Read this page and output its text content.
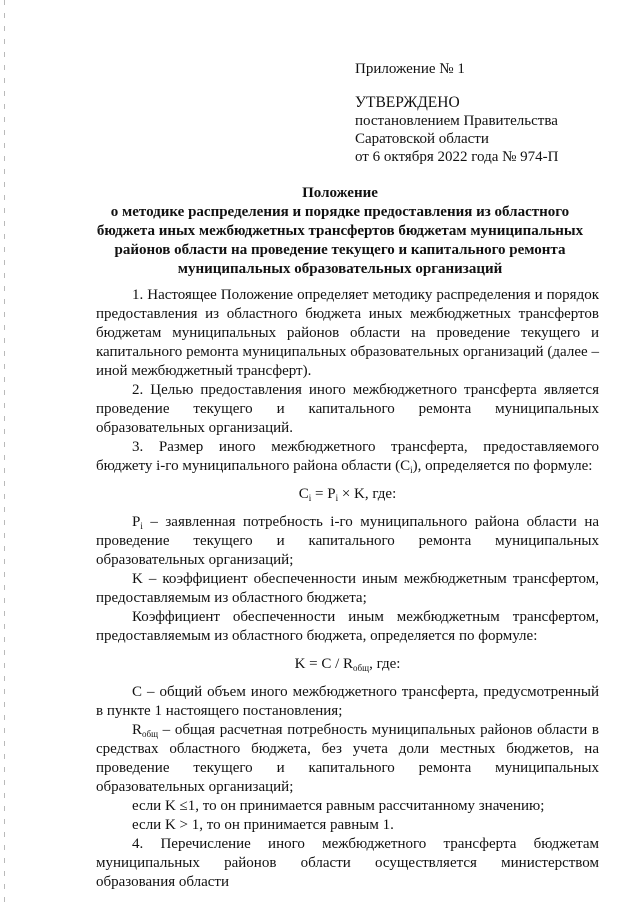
Приложение № 1
УТВЕРЖДЕНО
постановлением Правительства
Саратовской области
от 6 октября 2022 года № 974-П
Положение
о методике распределения и порядке предоставления из областного
бюджета иных межбюджетных трансфертов бюджетам муниципальных
районов области на проведение текущего и капитального ремонта
муниципальных образовательных организаций

1. Настоящее Положение определяет методику распределения и порядок предоставления из областного бюджета иных межбюджетных трансфертов бюджетам муниципальных районов области на проведение текущего и капитального ремонта муниципальных образовательных организаций (далее – иной межбюджетный трансферт).

2. Целью предоставления иного межбюджетного трансферта является проведение текущего и капитального ремонта муниципальных образовательных организаций.

3. Размер иного межбюджетного трансферта, предоставляемого бюджету i-го муниципального района области $(C_i)$, определяется по формуле:

$C_i = P_i \times K$, где:

$P_i$ – заявленная потребность i-го муниципального района области на проведение текущего и капитального ремонта муниципальных образовательных организаций;

K – коэффициент обеспеченности иным межбюджетным трансфертом, предоставляемым из областного бюджета;

Коэффициент обеспеченности иным межбюджетным трансфертом, предоставляемым из областного бюджета, определяется по формуле:

$K = C / R_{общ}$, где:

C – общий объем иного межбюджетного трансферта, предусмотренный в пункте 1 настоящего постановления;

$R_{общ}$ – общая расчетная потребность муниципальных районов области в средствах областного бюджета, без учета доли местных бюджетов, на проведение текущего и капитального ремонта муниципальных образовательных организаций;

если K ≤1, то он принимается равным рассчитанному значению;

если K > 1, то он принимается равным 1.

4. Перечисление иного межбюджетного трансферта бюджетам муниципальных районов области осуществляется министерством образования области
